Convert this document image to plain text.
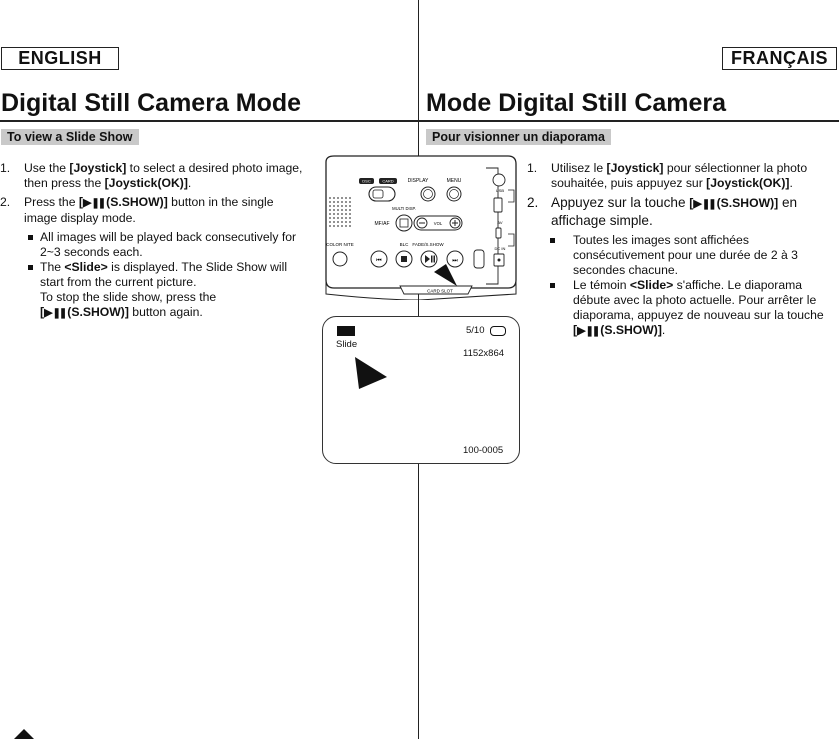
ENGLISH	FRANÇAIS
Digital Still Camera Mode	Mode Digital Still Camera
To view a Slide Show	Pour visionner un diaporama
1. Use the [Joystick] to select a desired photo image, then press the [Joystick(OK)].
2. Press the [▶❚❚ (S.SHOW)] button in the single image display mode.
All images will be played back consecutively for 2~3 seconds each.
The <Slide> is displayed. The Slide Show will start from the current picture.
To stop the slide show, press the
[▶❚❚ (S.SHOW)] button again.
1. Utilisez le [Joystick] pour sélectionner la photo souhaitée, puis appuyez sur [Joystick(OK)].
2. Appuyez sur la touche [▶❚❚ (S.SHOW)] en affichage simple.
Toutes les images sont affichées consécutivement pour une durée de 2 à 3 secondes chacune.
Le témoin <Slide> s'affiche. Le diaporama débute avec la photo actuelle. Pour arrêter le diaporama, appuyez de nouveau sur la touche [▶❚❚ (S.SHOW)].
DSC	CARD	DISPLAY	MENU
MULTI DISP.
MF/AF	VOL
COLOR NITE	BLC FADE/S.SHOW
⏮	⏭
CARD SLOT
USB
AV
DC IN
Slide
5/10
1152x864
100-0005
